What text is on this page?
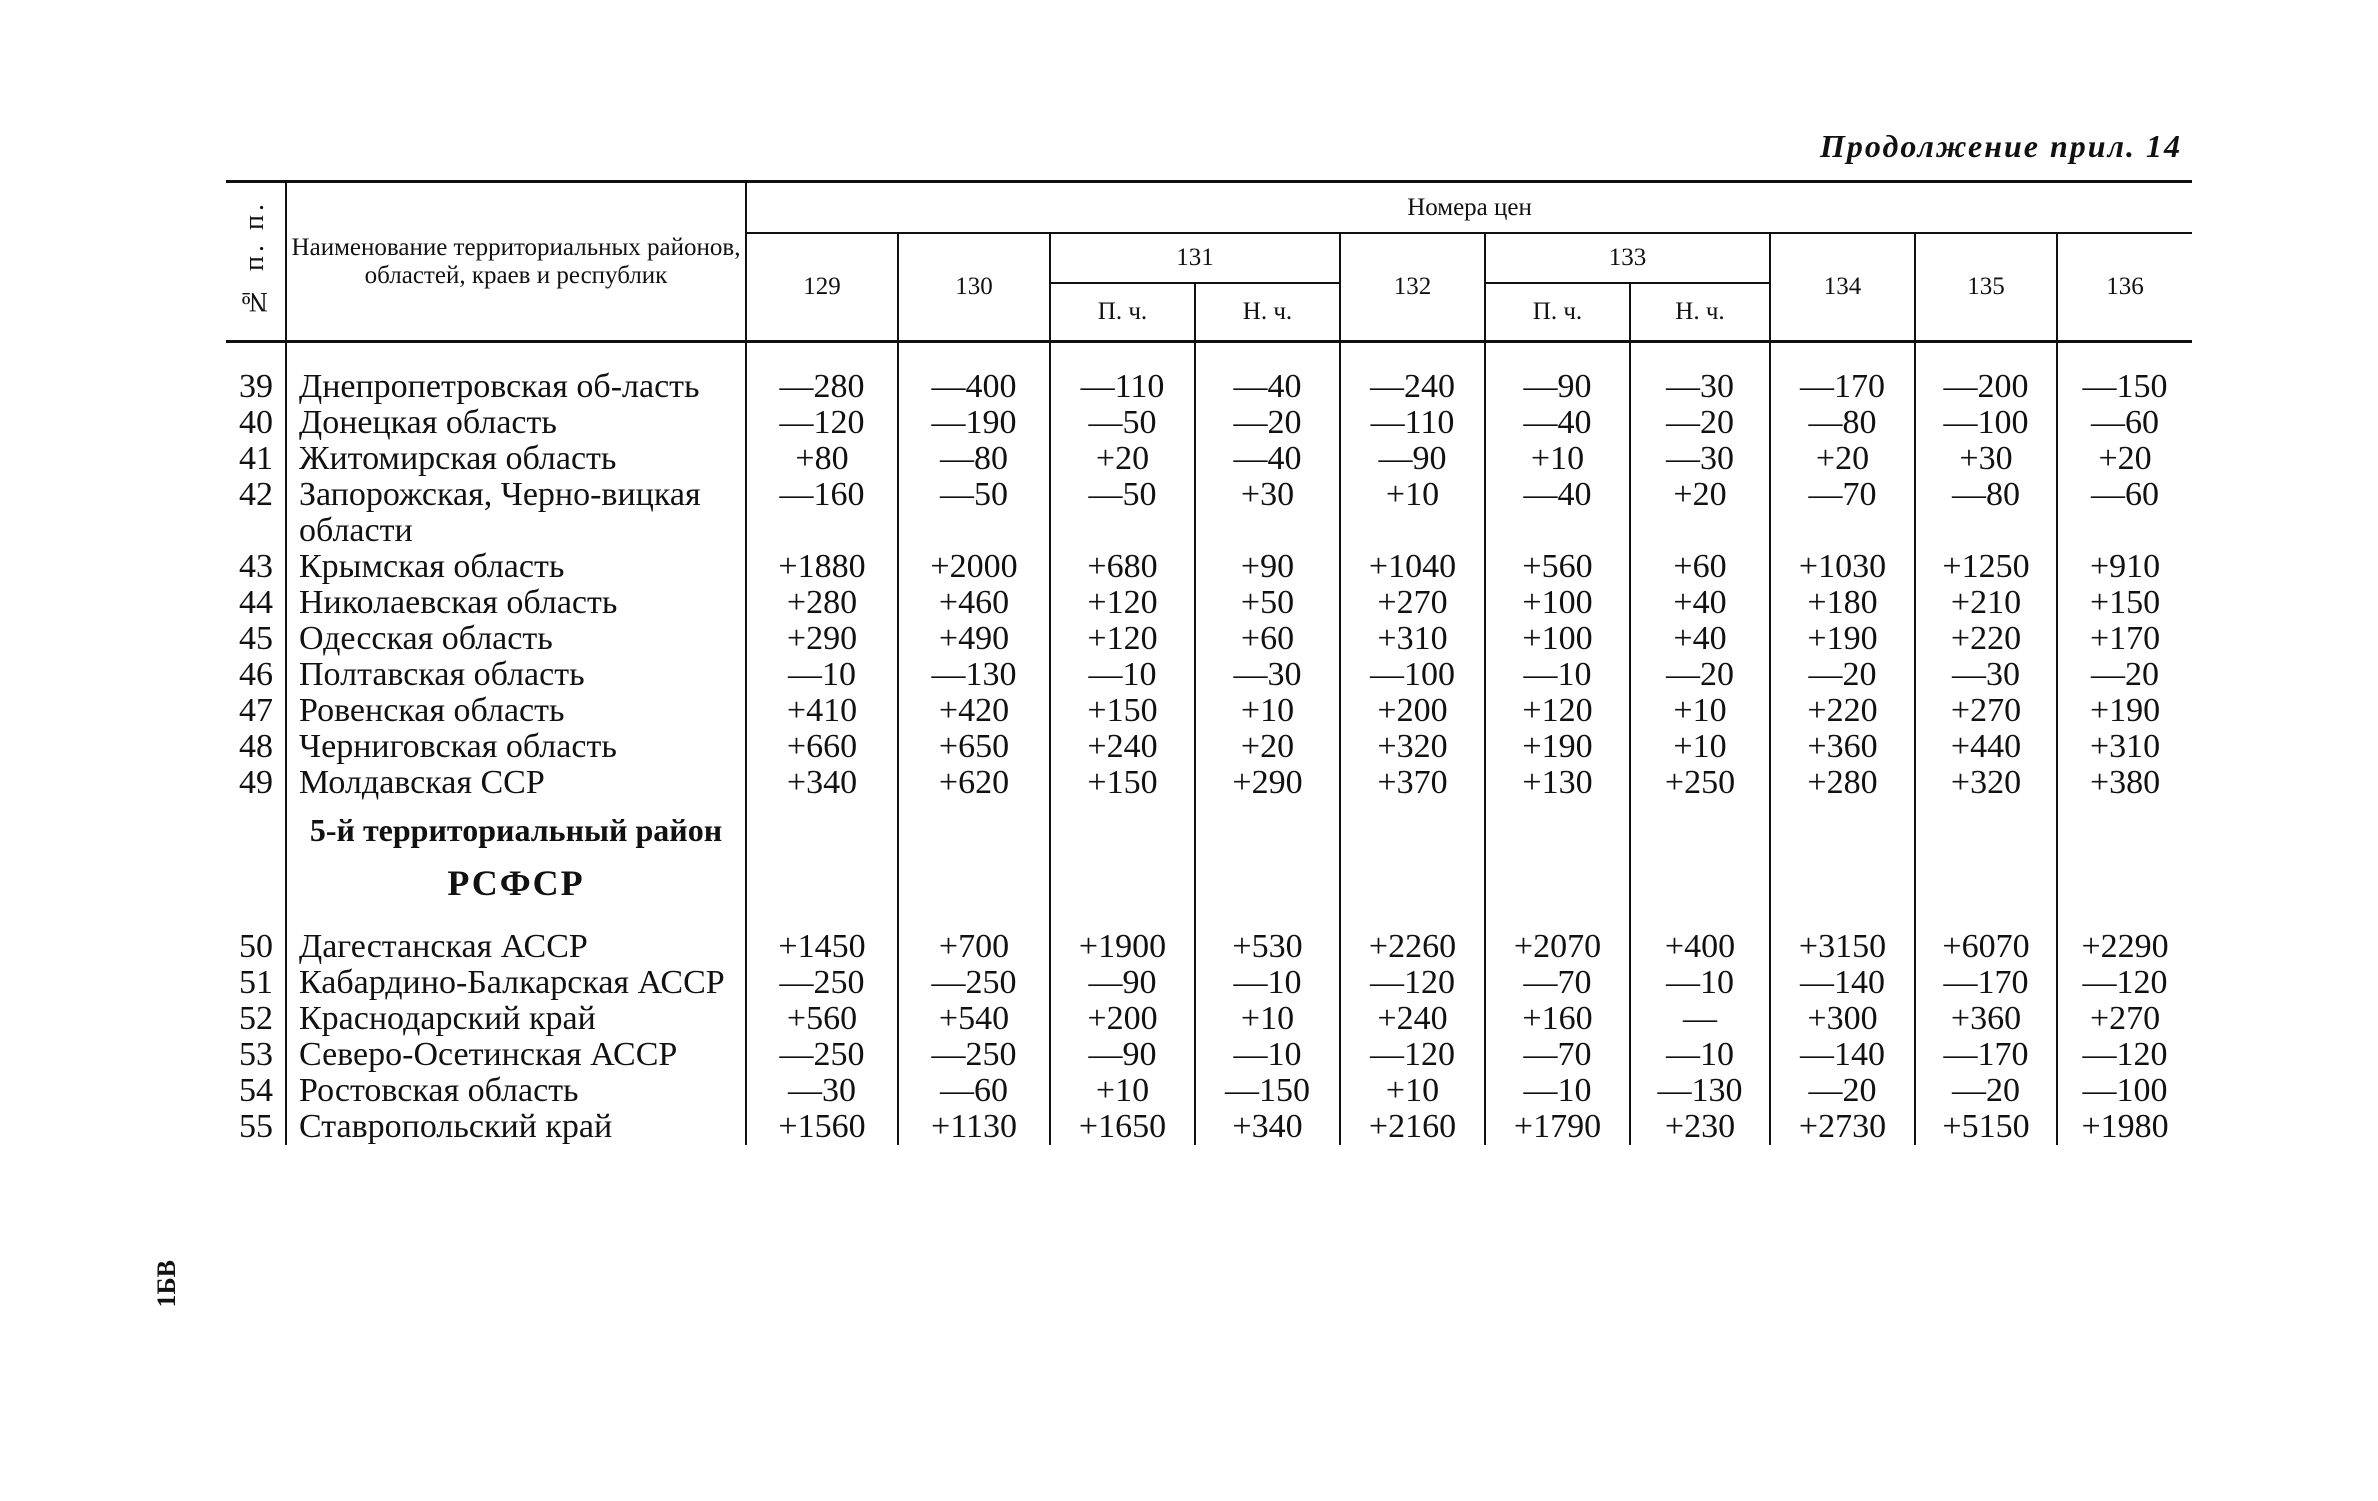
Продолжение прил. 14
№ п. п.	Наименование территориальных районов, областей, краев и республик	Номера цен									
		129	130	131		132	133		134	135	136
				П. ч.	Н. ч.		П. ч.	Н. ч.			

39	Днепропетровская об-ласть	—280	—400	—110	—40	—240	—90	—30	—170	—200	—150
40	Донецкая область	—120	—190	—50	—20	—110	—40	—20	—80	—100	—60
41	Житомирская область	+80	—80	+20	—40	—90	+10	—30	+20	+30	+20
42	Запорожская, Черно-вицкая области	—160	—50	—50	+30	+10	—40	+20	—70	—80	—60
43	Крымская область	+1880	+2000	+680	+90	+1040	+560	+60	+1030	+1250	+910
44	Николаевская область	+280	+460	+120	+50	+270	+100	+40	+180	+210	+150
45	Одесская область	+290	+490	+120	+60	+310	+100	+40	+190	+220	+170
46	Полтавская область	—10	—130	—10	—30	—100	—10	—20	—20	—30	—20
47	Ровенская область	+410	+420	+150	+10	+200	+120	+10	+220	+270	+190
48	Черниговская область	+660	+650	+240	+20	+320	+190	+10	+360	+440	+310
49	Молдавская ССР	+340	+620	+150	+290	+370	+130	+250	+280	+320	+380
	5-й территориальный район										
	РСФСР										
50	Дагестанская АССР	+1450	+700	+1900	+530	+2260	+2070	+400	+3150	+6070	+2290
51	Кабардино-Балкарская АССР	—250	—250	—90	—10	—120	—70	—10	—140	—170	—120
52	Краснодарский край	+560	+540	+200	+10	+240	+160	—	+300	+360	+270
53	Северо-Осетинская АССР	—250	—250	—90	—10	—120	—70	—10	—140	—170	—120
54	Ростовская область	—30	—60	+10	—150	+10	—10	—130	—20	—20	—100
55	Ставропольский край	+1560	+1130	+1650	+340	+2160	+1790	+230	+2730	+5150	+1980
1БВ
